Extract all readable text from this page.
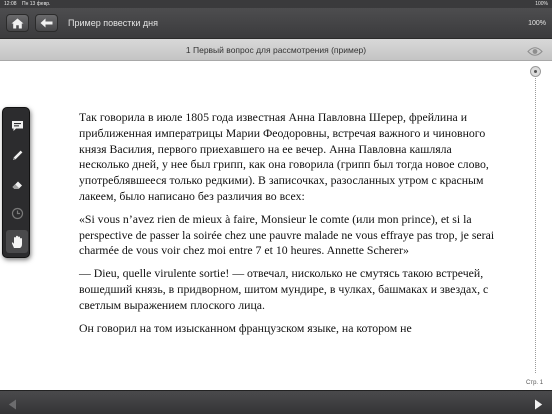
12:08 Пн 13 февр.	100%
Пример повестки дня	100%
1 Первый вопрос для рассмотрения (пример)

Так говорила в июле 1805 года известная Анна Павловна Шерер, фрейлина и приближенная императрицы Марии Феодоровны, встречая важного и чиновного князя Василия, первого приехавшего на ее вечер. Анна Павловна кашляла несколько дней, у нее был грипп, как она говорила (грипп был тогда новое слово, употреблявшееся только редкими). В записочках, разосланных утром с красным лакеем, было написано без различия во всех:

«Si vous n’avez rien de mieux à faire, Monsieur le comte (или mon prince), et si la perspective de passer la soirée chez une pauvre malade ne vous effraye pas trop, je serai charmée de vous voir chez moi entre 7 et 10 heures. Annette Scherer»

— Dieu, quelle virulente sortie! — отвечал, нисколько не смутясь такою встречей, вошедший князь, в придворном, шитом мундире, в чулках, башмаках и звездах, с светлым выражением плоского лица.

Он говорил на том изысканном французском языке, на котором не

Стр. 1
